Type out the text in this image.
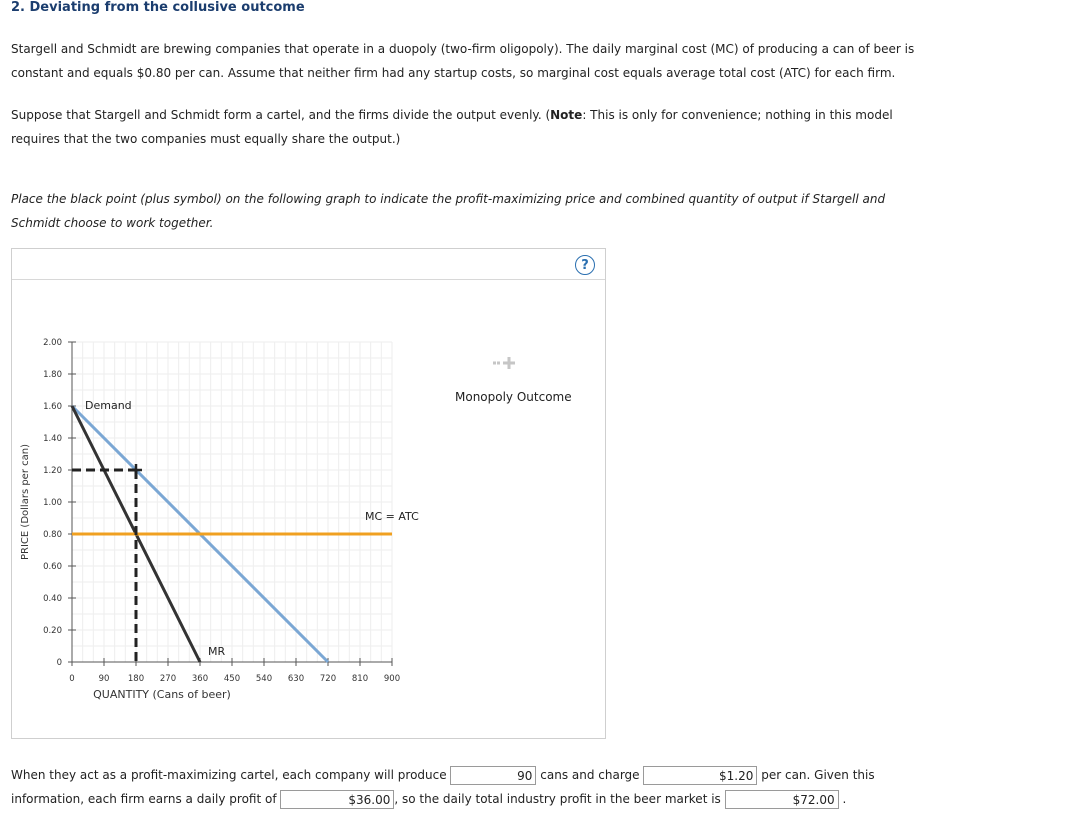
2. Deviating from the collusive outcome
Stargell and Schmidt are brewing companies that operate in a duopoly (two-firm oligopoly). The daily marginal cost (MC) of producing a can of beer is
constant and equals $0.80 per can. Assume that neither firm had any startup costs, so marginal cost equals average total cost (ATC) for each firm.
Suppose that Stargell and Schmidt form a cartel, and the firms divide the output evenly. (Note: This is only for convenience; nothing in this model
requires that the two companies must equally share the output.)
Place the black point (plus symbol) on the following graph to indicate the profit-maximizing price and combined quantity of output if Stargell and
Schmidt choose to work together.
?
0
0.20
0.40
0.60
0.80
1.00
1.20
1.40
1.60
1.80
2.00
0	90 180 270 360 450 540 630 720 810 900
QUANTITY (Cans of beer)
PRICE (Dollars per can)
Demand
MR
MC = ATC
Monopoly Outcome
When they act as a profit-maximizing cartel, each company will produce	90 cans and charge	$1.20 per can. Given this
information, each firm earns a daily profit of	$36.00 , so the daily total industry profit in the beer market is	$72.00 .
